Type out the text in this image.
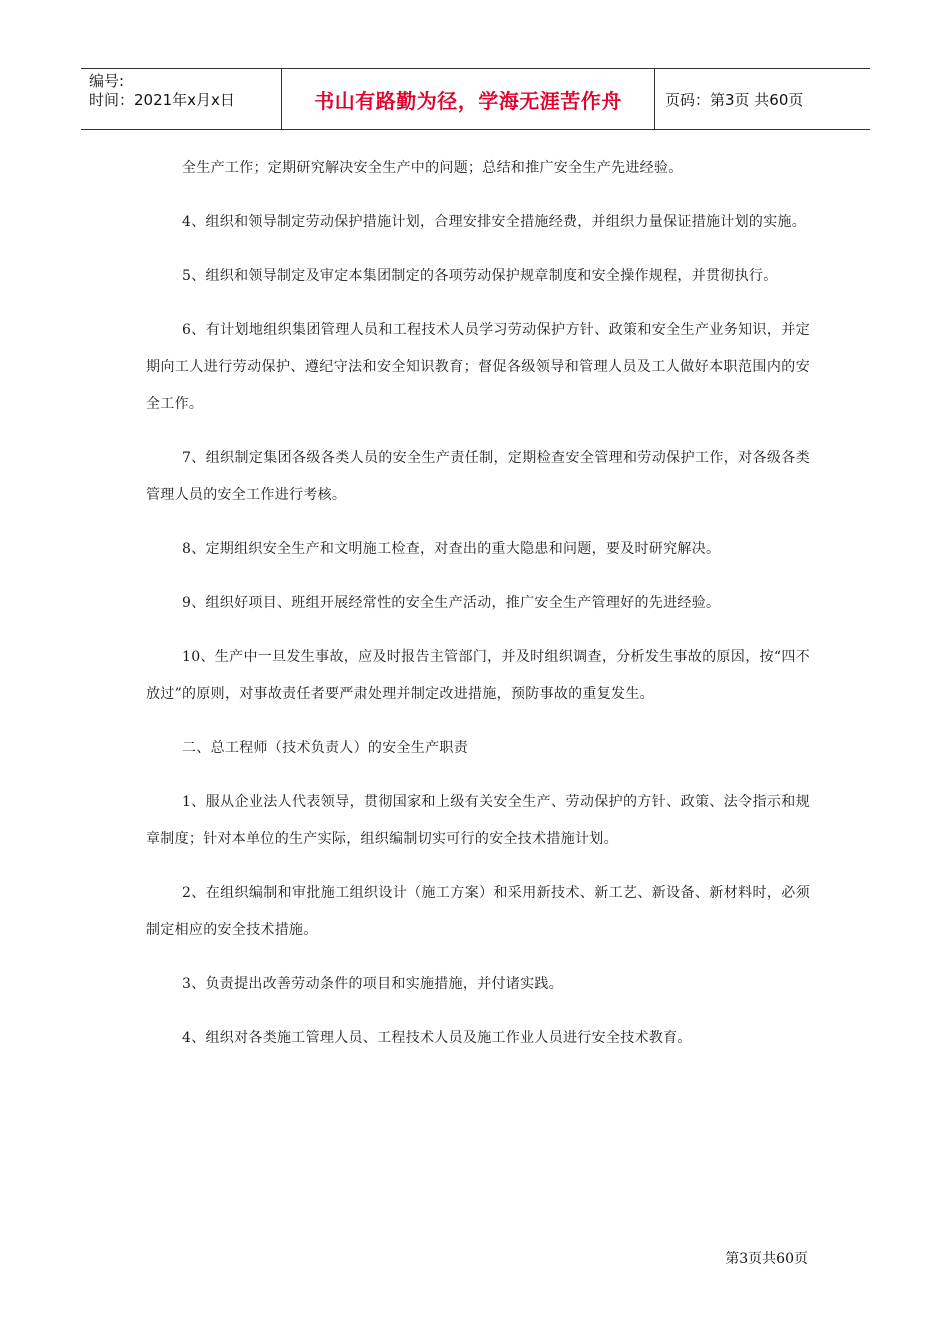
编号:
时间：2021年x月x日	书山有路勤为径，学海无涯苦作舟	页码：第3页 共60页

全生产工作；定期研究解决安全生产中的问题；总结和推广安全生产先进经验。

4、组织和领导制定劳动保护措施计划，合理安排安全措施经费，并组织力量保证措施计划的实施。

5、组织和领导制定及审定本集团制定的各项劳动保护规章制度和安全操作规程，并贯彻执行。

6、有计划地组织集团管理人员和工程技术人员学习劳动保护方针、政策和安全生产业务知识，并定期向工人进行劳动保护、遵纪守法和安全知识教育；督促各级领导和管理人员及工人做好本职范围内的安全工作。

7、组织制定集团各级各类人员的安全生产责任制，定期检查安全管理和劳动保护工作，对各级各类管理人员的安全工作进行考核。

8、定期组织安全生产和文明施工检查，对查出的重大隐患和问题，要及时研究解决。

9、组织好项目、班组开展经常性的安全生产活动，推广安全生产管理好的先进经验。

10、生产中一旦发生事故，应及时报告主管部门，并及时组织调查，分析发生事故的原因，按“四不放过”的原则，对事故责任者要严肃处理并制定改进措施，预防事故的重复发生。

二、总工程师（技术负责人）的安全生产职责

1、服从企业法人代表领导，贯彻国家和上级有关安全生产、劳动保护的方针、政策、法令指示和规章制度；针对本单位的生产实际，组织编制切实可行的安全技术措施计划。

2、在组织编制和审批施工组织设计（施工方案）和采用新技术、新工艺、新设备、新材料时，必须制定相应的安全技术措施。

3、负责提出改善劳动条件的项目和实施措施，并付诸实践。

4、组织对各类施工管理人员、工程技术人员及施工作业人员进行安全技术教育。

第3页共60页
